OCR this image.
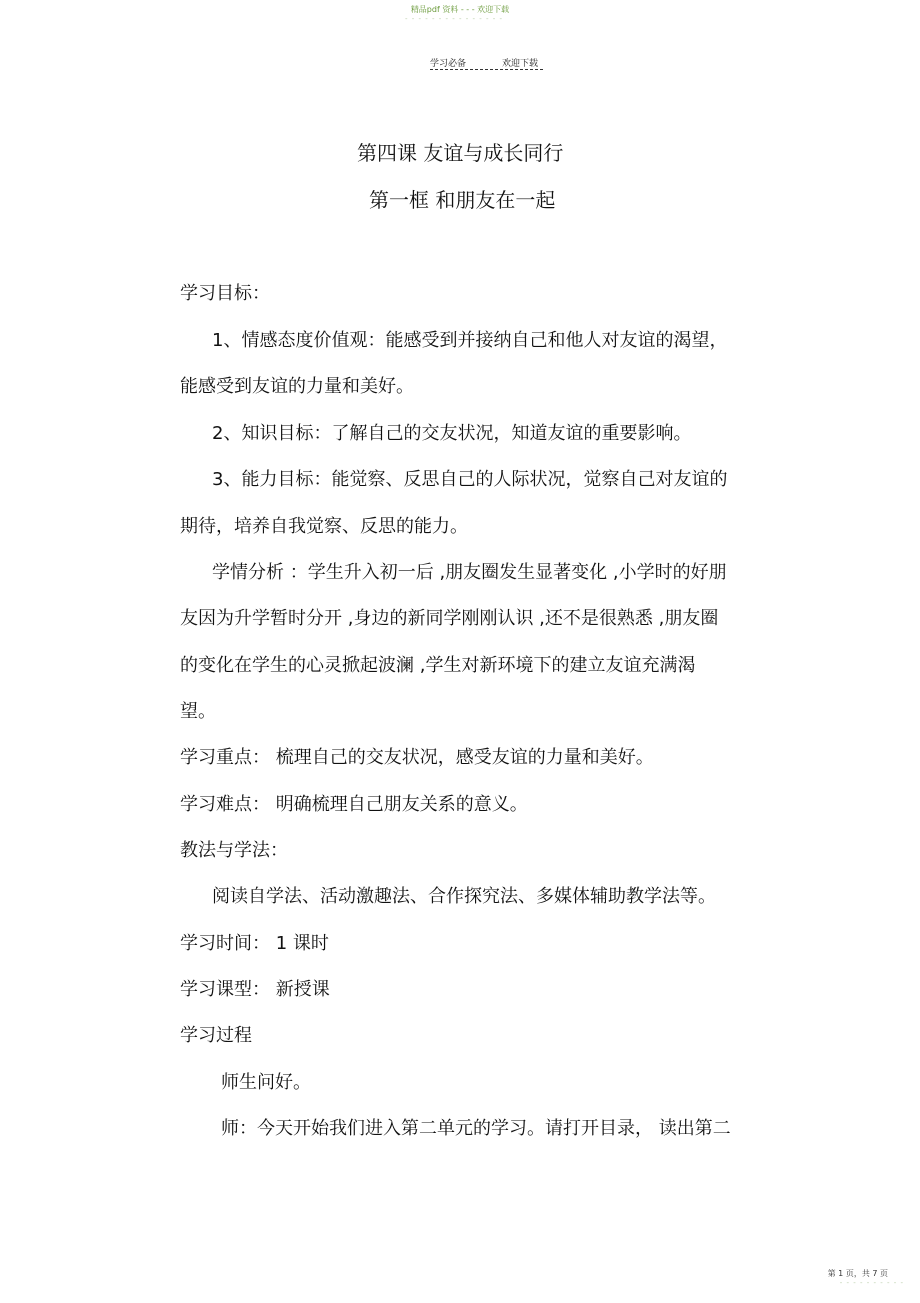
精品pdf 资料 - - - 欢迎下载
- - - - - - - - - - - - - - -
学习必备	欢迎下载
第四课 友谊与成长同行
第一框 和朋友在一起
学习目标：
1、情感态度价值观：能感受到并接纳自己和他人对友谊的渴望，
能感受到友谊的力量和美好。
2、知识目标：了解自己的交友状况，知道友谊的重要影响。
3、能力目标：能觉察、反思自己的人际状况，觉察自己对友谊的
期待，培养自我觉察、反思的能力。
学情分析 ：学生升入初一后 ,朋友圈发生显著变化 ,小学时的好朋
友因为升学暂时分开 ,身边的新同学刚刚认识 ,还不是很熟悉 ,朋友圈
的变化在学生的心灵掀起波澜 ,学生对新环境下的建立友谊充满渴
望。
学习重点： 梳理自己的交友状况，感受友谊的力量和美好。
学习难点： 明确梳理自己朋友关系的意义。
教法与学法：
阅读自学法、活动激趣法、合作探究法、多媒体辅助教学法等。
学习时间： 1 课时
学习课型： 新授课
学习过程
师生问好。
师：今天开始我们进入第二单元的学习。请打开目录， 读出第二
第 1 页，共 7 页
- - - - - - - - - -
